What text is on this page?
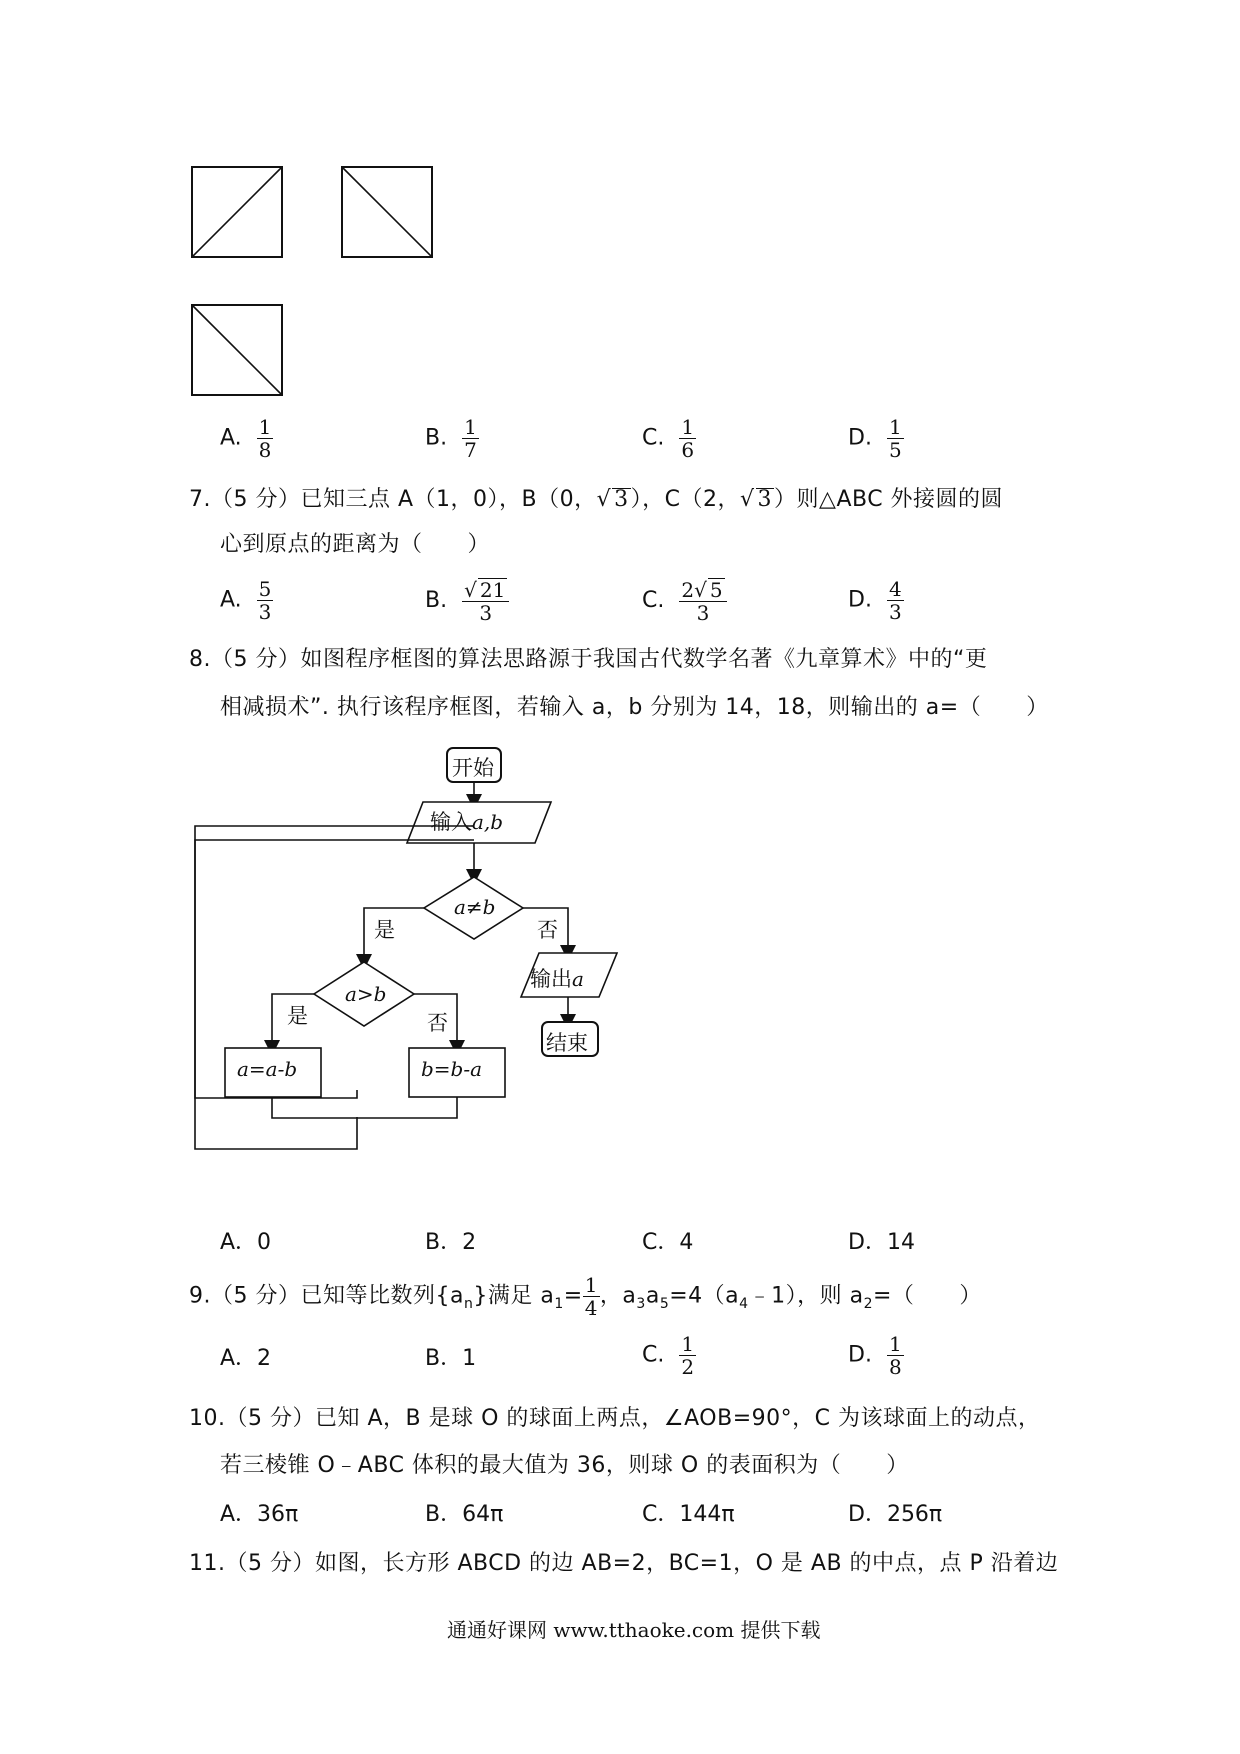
A. $\frac{1}{8}$	B. $\frac{1}{7}$	C. $\frac{1}{6}$	D. $\frac{1}{5}$
7.（5 分）已知三点 A（1，0），B（0，√ 3），C（2，√ 3）则△ABC 外接圆的圆
心到原点的距离为（　　）
A. $\frac{5}{3}$	B. $\frac{√ 21}{3}$	C. $\frac{2√ 5}{3}$	D. $\frac{4}{3}$
8.（5 分）如图程序框图的算法思路源于我国古代数学名著《九章算术》中的“更
相减损术”. 执行该程序框图，若输入 a，b 分别为 14，18，则输出的 a=（　　）
开始
输入a,b
是
a≠b
否
是
a>b
否
输出a
结束
a=a-b	b=b-a
A．0	B．2	C．4	D．14
9.（5 分）已知等比数列$\{a_n\}$满足 $a_1= \frac{1}{4}$ ，$a_3a_5=4(a_4﹣1)$，则 $a_2=$（　　）
A．2	B．1	C. $\frac{1}{2}$	D. $\frac{1}{8}$
10.（5 分）已知 A，B 是球 O 的球面上两点，∠AOB=90°，C 为该球面上的动点，
若三棱锥 O﹣ABC 体积的最大值为 36，则球 O 的表面积为（　　）
A．36π	B．64π	C．144π	D．256π
11.（5 分）如图，长方形 ABCD 的边 AB=2，BC=1，O 是 AB 的中点，点 P 沿着边
通通好课网 www.tthaoke.com 提供下载
